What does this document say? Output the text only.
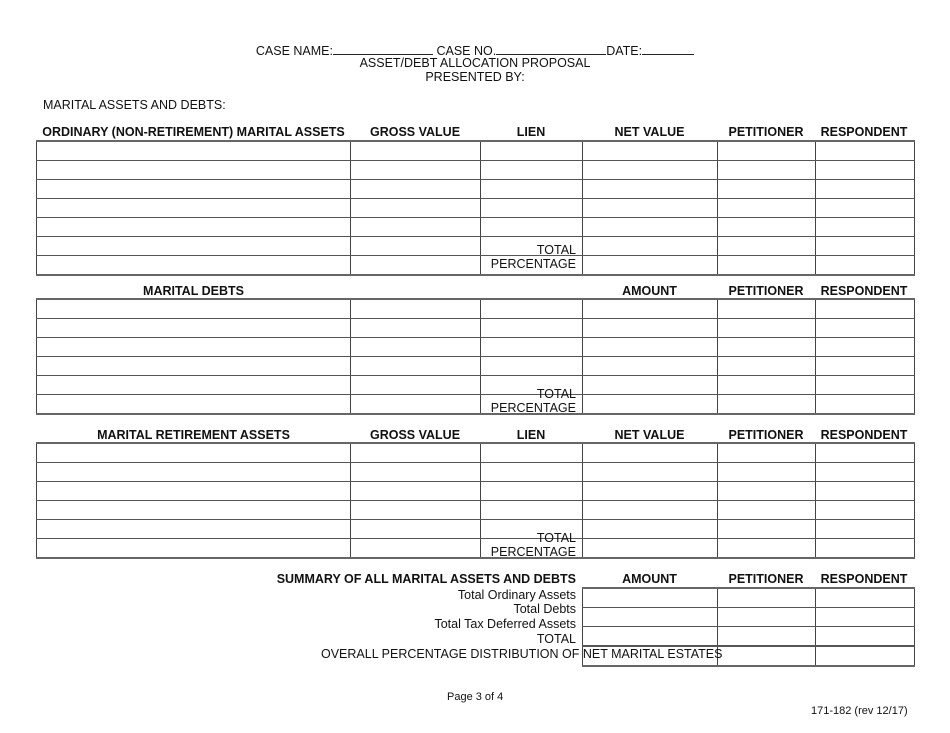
CASE NAME:	CASE NO.	DATE:
ASSET/DEBT ALLOCATION PROPOSAL
PRESENTED BY:
MARITAL ASSETS AND DEBTS:
ORDINARY (NON-RETIREMENT) MARITAL ASSETS	GROSS VALUE	LIEN	NET VALUE	PETITIONER	RESPONDENT

TOTAL
PERCENTAGE
MARITAL DEBTS	AMOUNT	PETITIONER	RESPONDENT

TOTAL
PERCENTAGE
MARITAL RETIREMENT ASSETS	GROSS VALUE	LIEN	NET VALUE	PETITIONER	RESPONDENT

TOTAL
PERCENTAGE
SUMMARY OF ALL MARITAL ASSETS AND DEBTS	AMOUNT	PETITIONER	RESPONDENT
Total Ordinary Assets
Total Debts
Total Tax Deferred Assets
TOTAL

OVERALL PERCENTAGE DISTRIBUTION OF NET MARITAL ESTATES
Page 3 of 4
171-182 (rev 12/17)
